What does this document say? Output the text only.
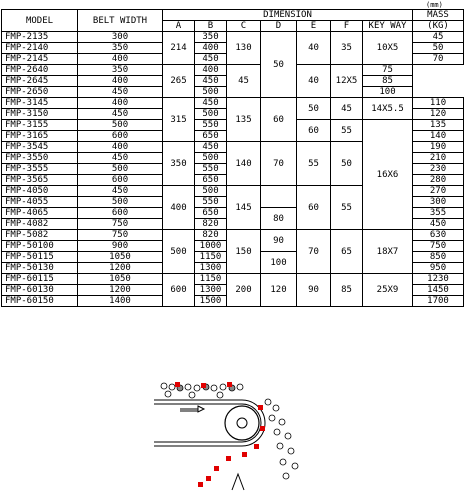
(mm)
MODEL	BELT WIDTH	DIMENSION							MASS
		A	B	C	D	E	F	KEY WAY	(KG)
FMP-2135	300	214	350	130	50	40	35	10X5	45
FMP-2140	350		400						50
FMP-2145	400		450						70
FMP-2640	350	265	400	45		40	12X5	75	
FMP-2645	400		450					85	
FMP-2650	450		500					100	
FMP-3145	400	315	450	135	60	50	45	14X5.5	110
FMP-3150	450		500						120
FMP-3155	500		550			60	55	16X6	135
FMP-3165	600		650						140
FMP-3545	400	350	450	140	70	55	50		190
FMP-3550	450		500						210
FMP-3555	500		550						230
FMP-3565	600		650						280
FMP-4050	450	400	500	145		60	55		270
FMP-4055	500		550						300
FMP-4065	600		650		80				355
FMP-4082	750		820						450
FMP-5082	750	500	820	150	90	70	65	18X7	630
FMP-50100	900		1000						750
FMP-50115	1050		1150		100				850
FMP-50130	1200		1300						950
FMP-60115	1050	600	1150	200	120	90	85	25X9	1230
FMP-60130	1200		1300						1450
FMP-60150	1400		1500						1700
